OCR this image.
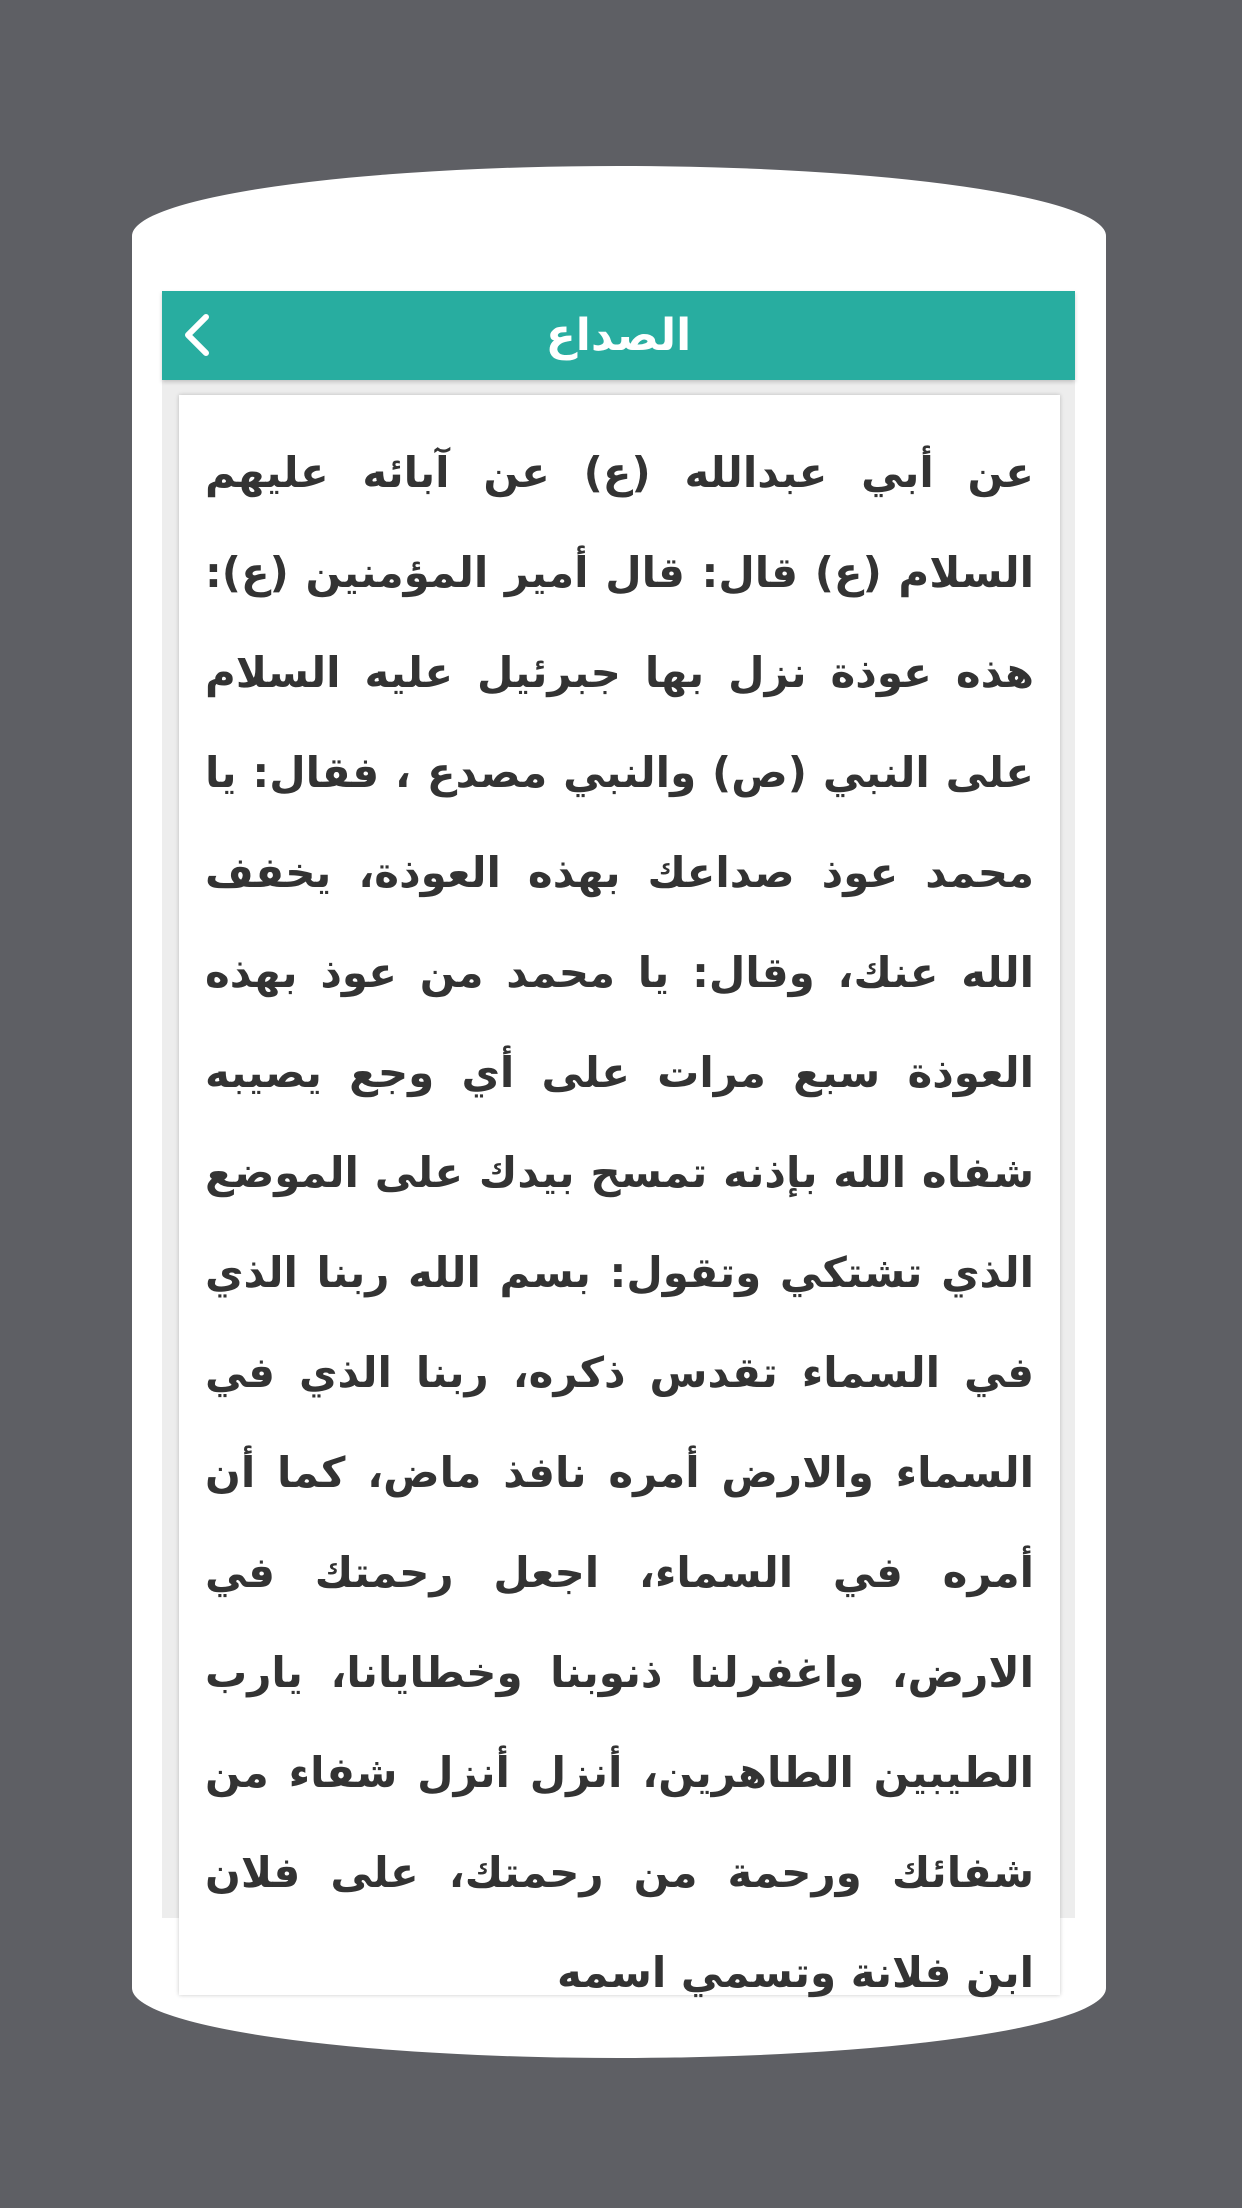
الصداع

عن أبي عبدالله (ع) عن آبائه عليهم السلام (ع) قال: قال أمير المؤمنين (ع): هذه عوذة نزل بها جبرئيل عليه السلام على النبي (ص) والنبي مصدع ، فقال: يا محمد عوذ صداعك بهذه العوذة، يخفف الله عنك، وقال: يا محمد من عوذ بهذه العوذة سبع مرات على أي وجع يصيبه شفاه الله بإذنه تمسح بيدك على الموضع الذي تشتكي وتقول: بسم الله ربنا الذي في السماء تقدس ذكره، ربنا الذي في السماء والارض أمره نافذ ماض، كما أن أمره في السماء، اجعل رحمتك في الارض، واغفرلنا ذنوبنا وخطايانا، يارب الطيبين الطاهرين، أنزل أنزل شفاء من شفائك ورحمة من رحمتك، على فلان ابن فلانة وتسمي اسمه
